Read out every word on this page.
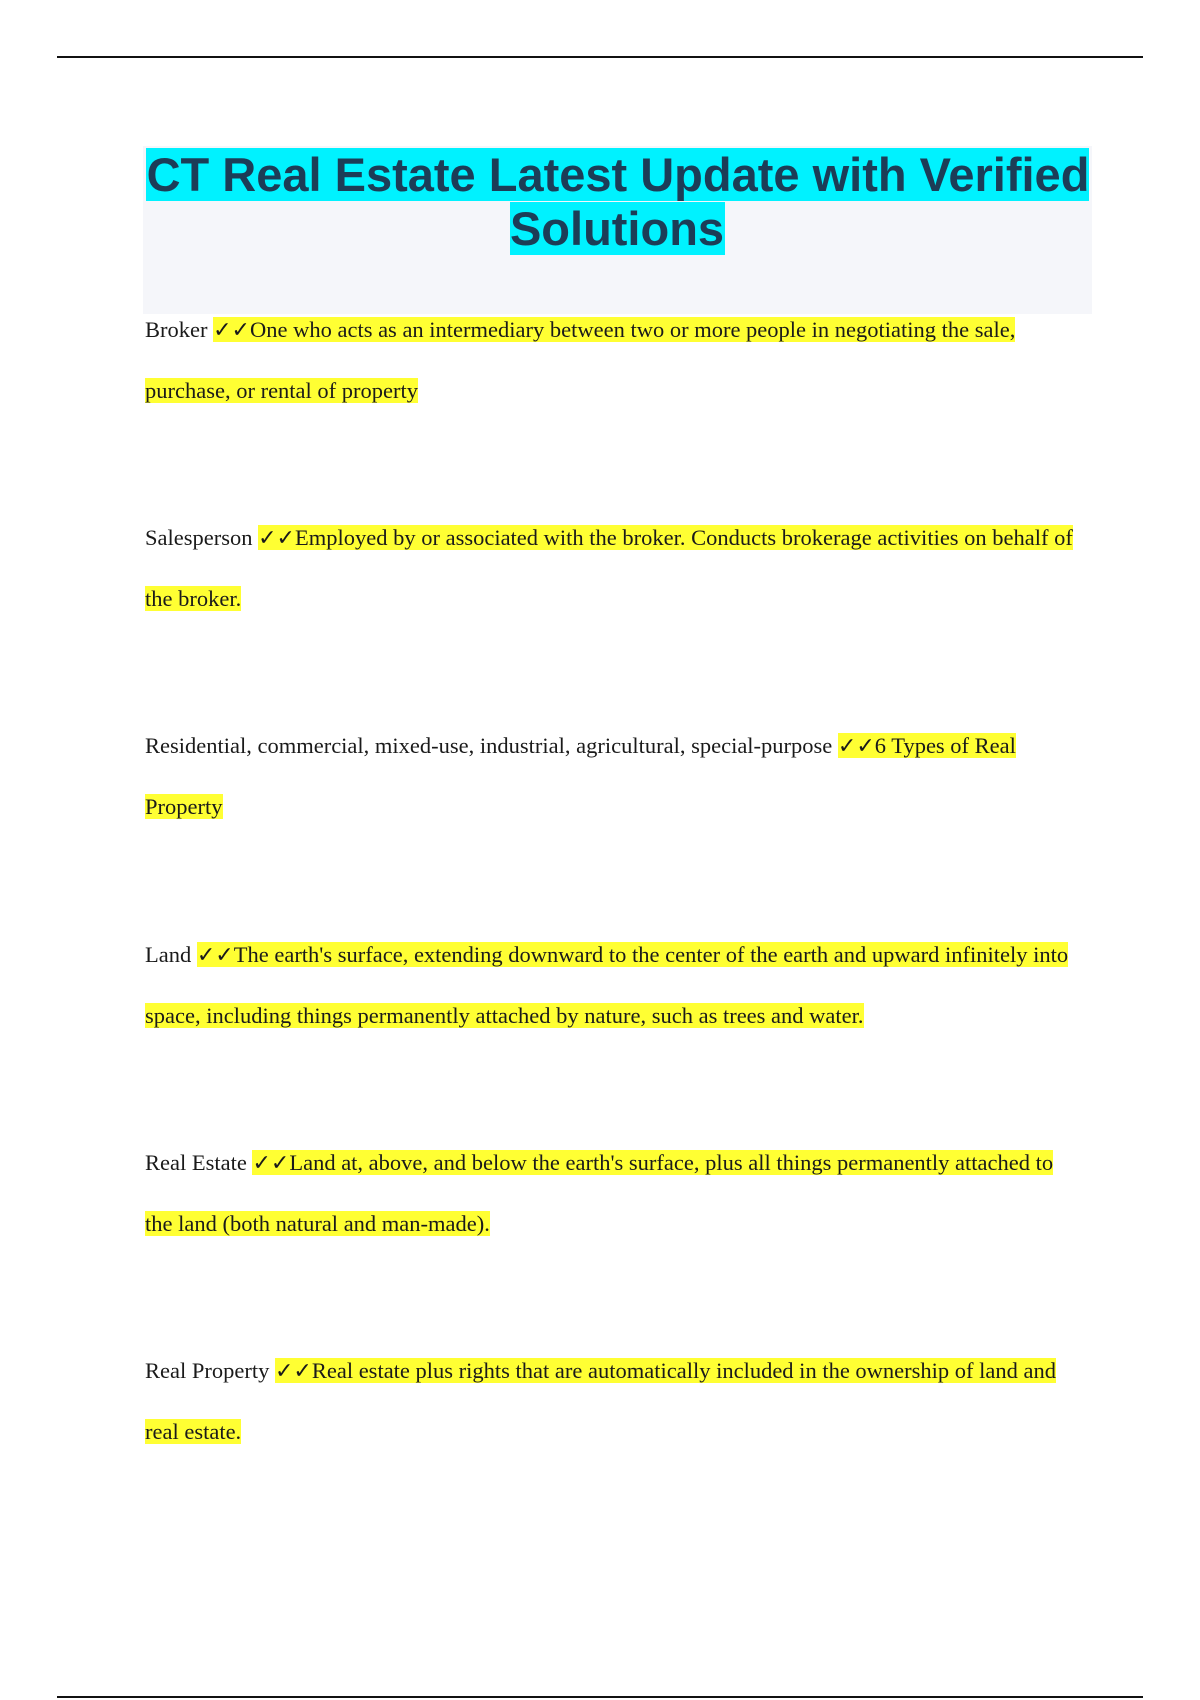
CT Real Estate Latest Update with Verified Solutions

Broker ✓✓One who acts as an intermediary between two or more people in negotiating the sale, purchase, or rental of property

Salesperson ✓✓Employed by or associated with the broker. Conducts brokerage activities on behalf of the broker.

Residential, commercial, mixed-use, industrial, agricultural, special-purpose ✓✓6 Types of Real Property

Land ✓✓The earth's surface, extending downward to the center of the earth and upward infinitely into space, including things permanently attached by nature, such as trees and water.

Real Estate ✓✓Land at, above, and below the earth's surface, plus all things permanently attached to the land (both natural and man-made).

Real Property ✓✓Real estate plus rights that are automatically included in the ownership of land and real estate.
